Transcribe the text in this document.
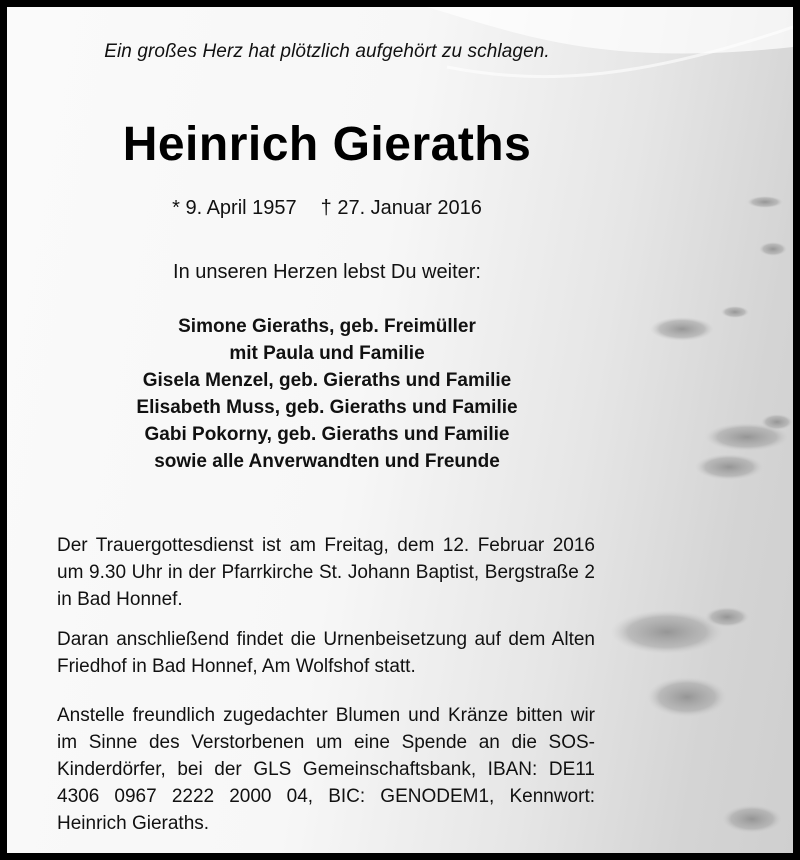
Ein großes Herz hat plötzlich aufgehört zu schlagen.
Heinrich Gieraths
* 9. April 1957 † 27. Januar 2016
In unseren Herzen lebst Du weiter:
Simone Gieraths, geb. Freimüller
mit Paula und Familie
Gisela Menzel, geb. Gieraths und Familie
Elisabeth Muss, geb. Gieraths und Familie
Gabi Pokorny, geb. Gieraths und Familie
sowie alle Anverwandten und Freunde

Der Trauergottesdienst ist am Freitag, dem 12. Februar 2016 um 9.30 Uhr in der Pfarrkirche St. Johann Baptist, Bergstraße 2 in Bad Honnef.

Daran anschließend findet die Urnenbeisetzung auf dem Alten Friedhof in Bad Honnef, Am Wolfshof statt.

Anstelle freundlich zugedachter Blumen und Kränze bitten wir im Sinne des Verstorbenen um eine Spende an die SOS-Kinderdörfer, bei der GLS Gemeinschaftsbank, IBAN: DE11 4306 0967 2222 2000 04, BIC: GENODEM1, Kennwort: Heinrich Gieraths.
